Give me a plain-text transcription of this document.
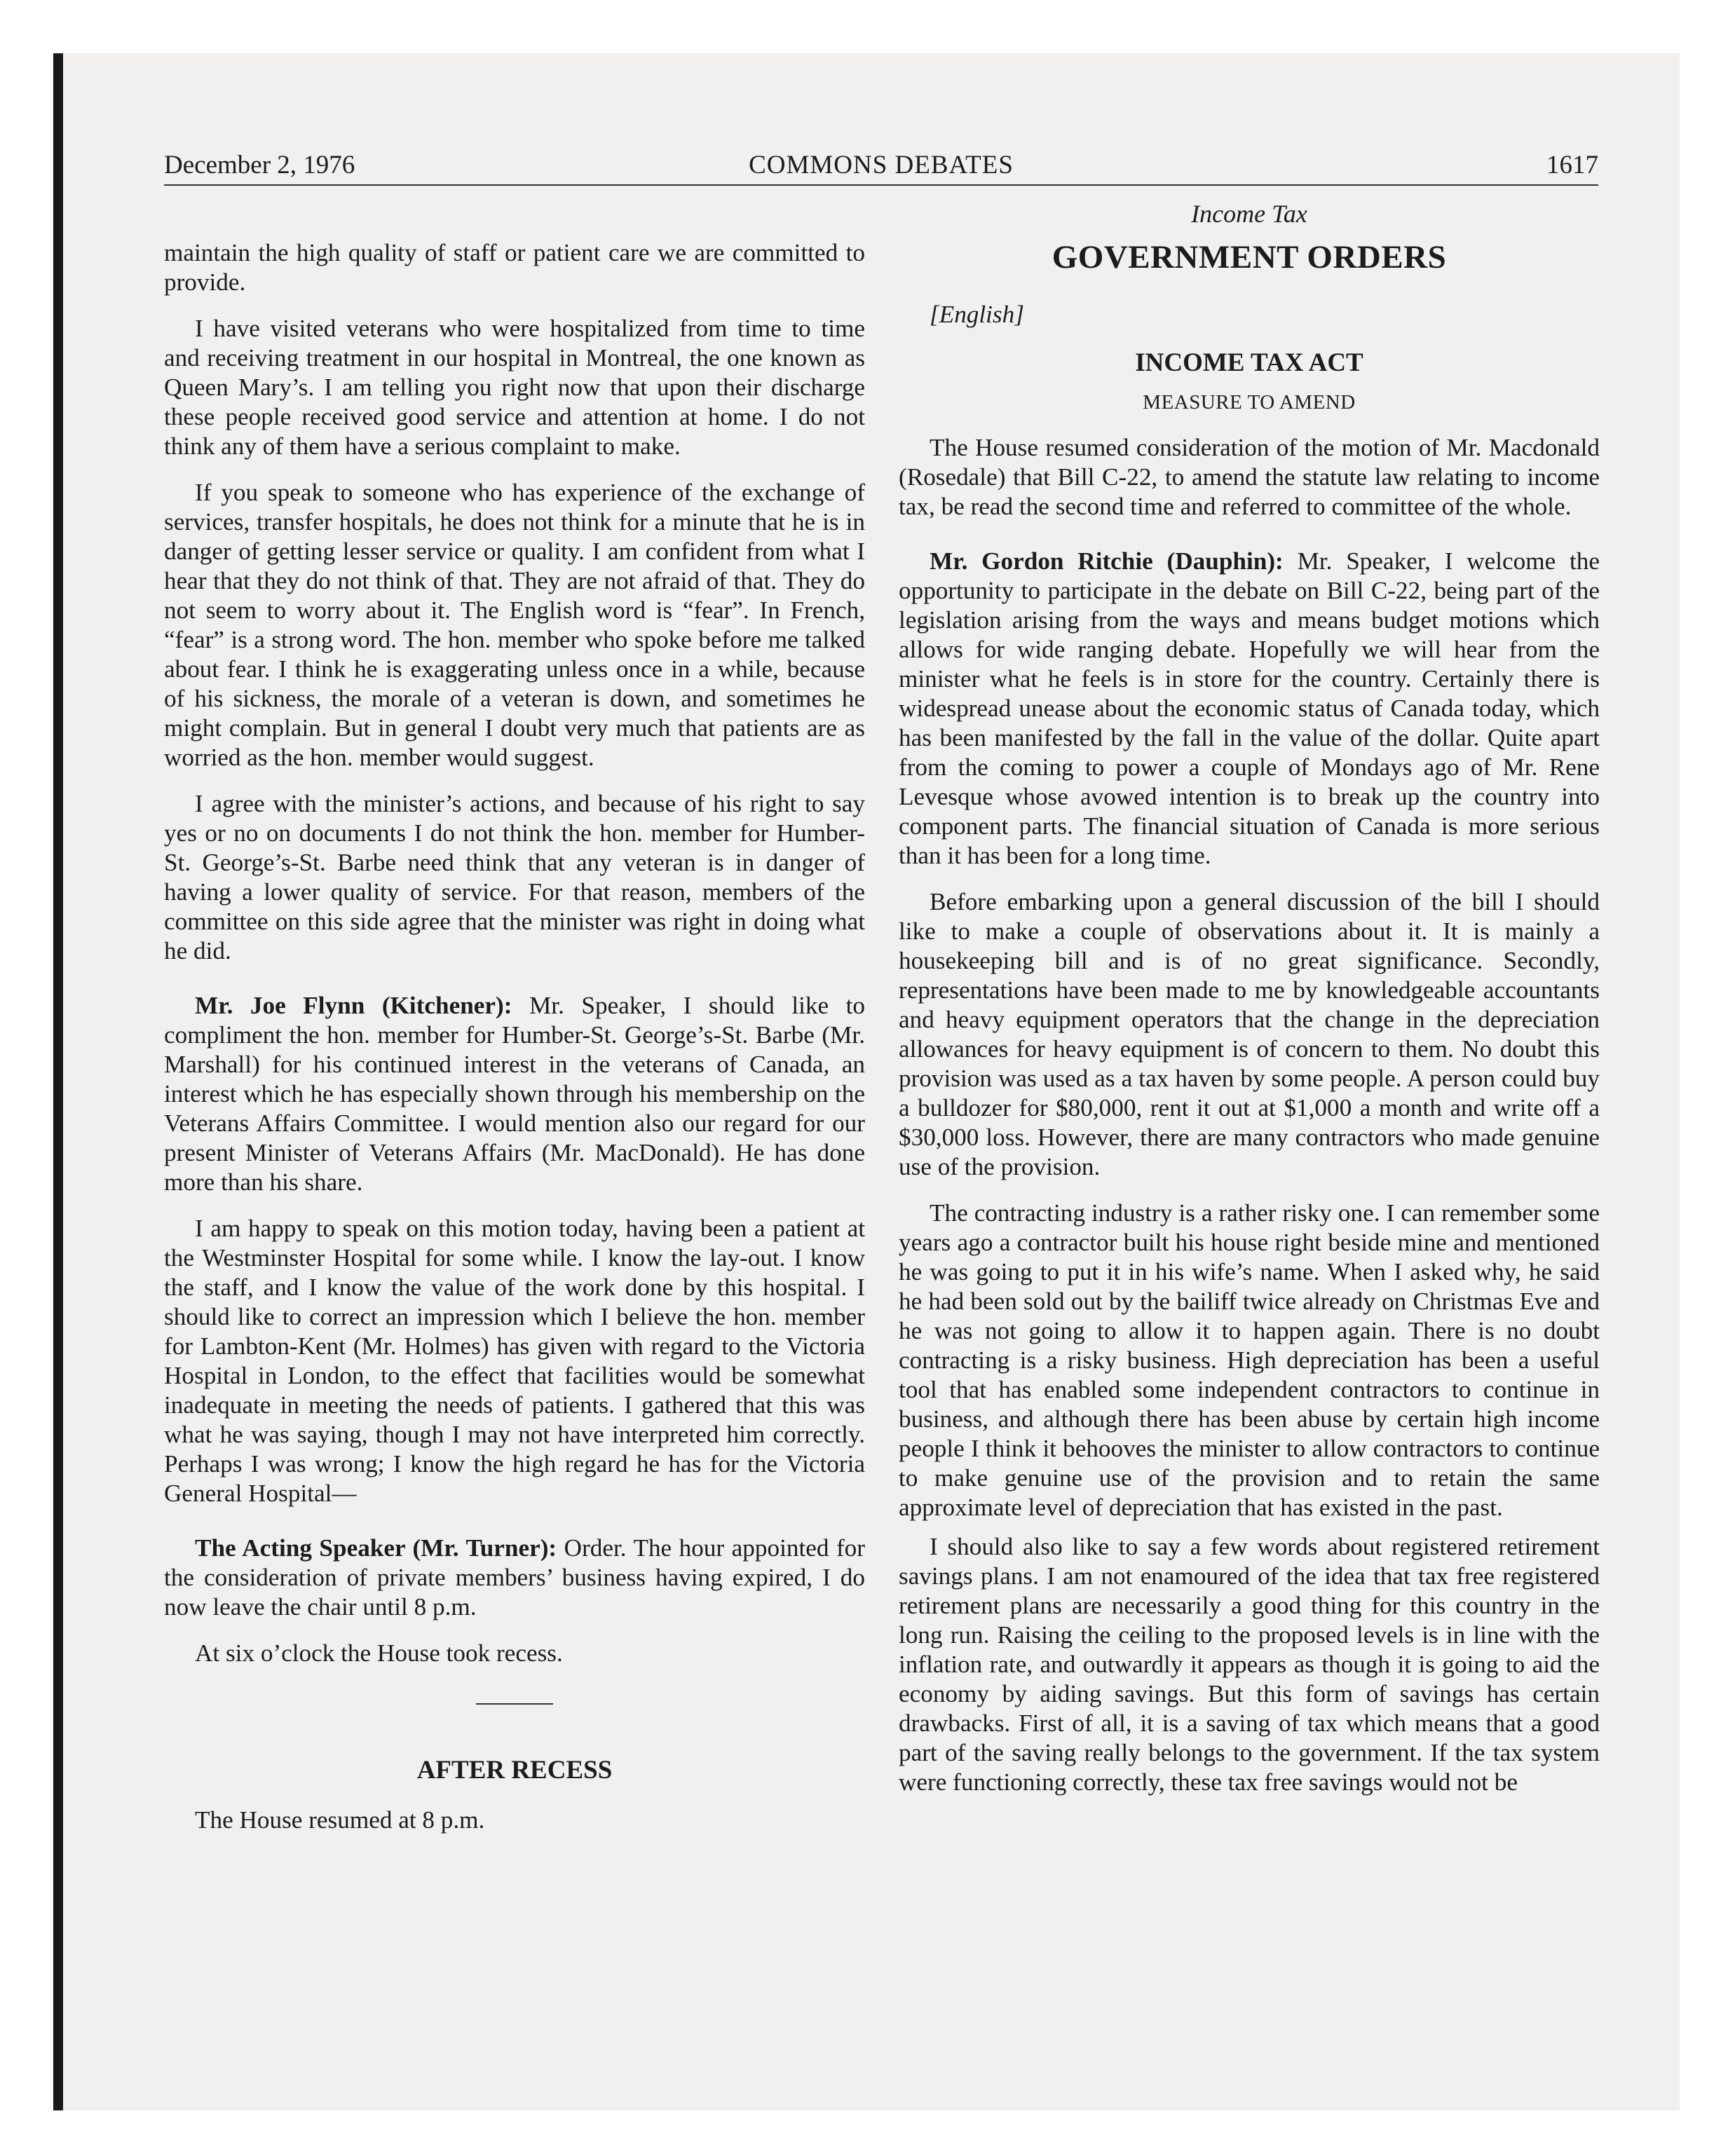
December 2, 1976	COMMONS DEBATES	1617

maintain the high quality of staff or patient care we are committed to provide.

I have visited veterans who were hospitalized from time to time and receiving treatment in our hospital in Montreal, the one known as Queen Mary’s. I am telling you right now that upon their discharge these people received good service and attention at home. I do not think any of them have a serious complaint to make.

If you speak to someone who has experience of the exchange of services, transfer hospitals, he does not think for a minute that he is in danger of getting lesser service or quality. I am confident from what I hear that they do not think of that. They are not afraid of that. They do not seem to worry about it. The English word is “fear”. In French, “fear” is a strong word. The hon. member who spoke before me talked about fear. I think he is exaggerating unless once in a while, because of his sickness, the morale of a veteran is down, and sometimes he might complain. But in general I doubt very much that patients are as worried as the hon. member would suggest.

I agree with the minister’s actions, and because of his right to say yes or no on documents I do not think the hon. member for Humber-St. George’s-St. Barbe need think that any veteran is in danger of having a lower quality of service. For that reason, members of the committee on this side agree that the minister was right in doing what he did.

Mr. Joe Flynn (Kitchener): Mr. Speaker, I should like to compliment the hon. member for Humber-St. George’s-St. Barbe (Mr. Marshall) for his continued interest in the veterans of Canada, an interest which he has especially shown through his membership on the Veterans Affairs Committee. I would mention also our regard for our present Minister of Veterans Affairs (Mr. MacDonald). He has done more than his share.

I am happy to speak on this motion today, having been a patient at the Westminster Hospital for some while. I know the lay-out. I know the staff, and I know the value of the work done by this hospital. I should like to correct an impression which I believe the hon. member for Lambton-Kent (Mr. Holmes) has given with regard to the Victoria Hospital in London, to the effect that facilities would be somewhat inadequate in meeting the needs of patients. I gathered that this was what he was saying, though I may not have interpreted him correctly. Perhaps I was wrong; I know the high regard he has for the Victoria General Hospital—

The Acting Speaker (Mr. Turner): Order. The hour appointed for the consideration of private members’ business having expired, I do now leave the chair until 8 p.m.

At six o’clock the House took recess.

AFTER RECESS

The House resumed at 8 p.m.

Income Tax
GOVERNMENT ORDERS

[English]

INCOME TAX ACT
MEASURE TO AMEND

The House resumed consideration of the motion of Mr. Macdonald (Rosedale) that Bill C-22, to amend the statute law relating to income tax, be read the second time and referred to committee of the whole.

Mr. Gordon Ritchie (Dauphin): Mr. Speaker, I welcome the opportunity to participate in the debate on Bill C-22, being part of the legislation arising from the ways and means budget motions which allows for wide ranging debate. Hopefully we will hear from the minister what he feels is in store for the country. Certainly there is widespread unease about the economic status of Canada today, which has been manifested by the fall in the value of the dollar. Quite apart from the coming to power a couple of Mondays ago of Mr. Rene Levesque whose avowed intention is to break up the country into component parts. The financial situation of Canada is more serious than it has been for a long time.

Before embarking upon a general discussion of the bill I should like to make a couple of observations about it. It is mainly a housekeeping bill and is of no great significance. Secondly, representations have been made to me by knowledgeable accountants and heavy equipment operators that the change in the depreciation allowances for heavy equipment is of concern to them. No doubt this provision was used as a tax haven by some people. A person could buy a bulldozer for $80,000, rent it out at $1,000 a month and write off a $30,000 loss. However, there are many contractors who made genuine use of the provision.

The contracting industry is a rather risky one. I can remember some years ago a contractor built his house right beside mine and mentioned he was going to put it in his wife’s name. When I asked why, he said he had been sold out by the bailiff twice already on Christmas Eve and he was not going to allow it to happen again. There is no doubt contracting is a risky business. High depreciation has been a useful tool that has enabled some independent contractors to continue in business, and although there has been abuse by certain high income people I think it behooves the minister to allow contractors to continue to make genuine use of the provision and to retain the same approximate level of depreciation that has existed in the past.

I should also like to say a few words about registered retirement savings plans. I am not enamoured of the idea that tax free registered retirement plans are necessarily a good thing for this country in the long run. Raising the ceiling to the proposed levels is in line with the inflation rate, and outwardly it appears as though it is going to aid the economy by aiding savings. But this form of savings has certain drawbacks. First of all, it is a saving of tax which means that a good part of the saving really belongs to the government. If the tax system were functioning correctly, these tax free savings would not be
